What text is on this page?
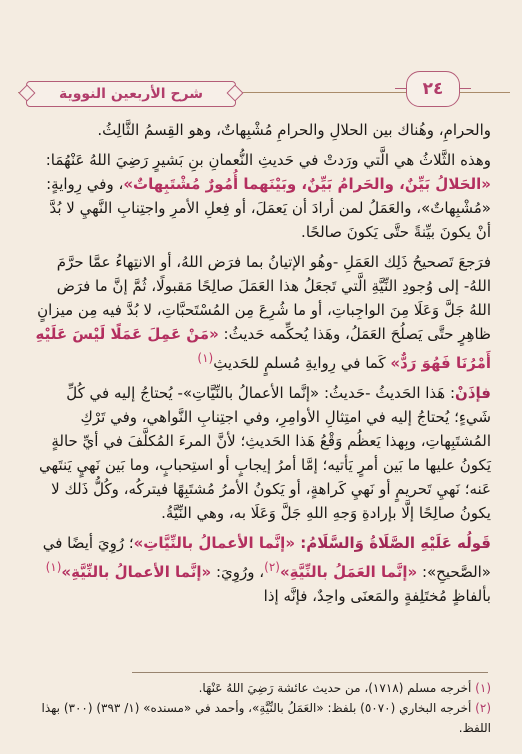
شرح الأربعين النووية	٢٤

والحرامِ، وهُناك بين الحلالِ والحرامِ مُشْبِهاتٌ، وهو القِسمُ الثَّالِثُ.

وهذه الثَّلاثُ هي الَّتي ورَدتْ في حَديثِ النُّعمانِ بنِ بَشيرٍ رَضِيَ اللهُ عَنْهُمَا: «الحَلالُ بَيِّنٌ، والحَرامُ بَيِّنٌ، وبَيْنَهما أُمُورٌ مُشْتَبِهاتٌ»، وفي رِوايةٍ: «مُشْبِهاتٌ»، والعَمَلُ لمن أرادَ أن يَعمَلَ، أو فِعلِ الأمرِ واجتِنابِ النَّهيِ لا بُدَّ أنْ يكونَ بيِّنةً حتَّى يَكونَ صالحًا.

فرَجعَ تَصحيحُ ذَلِك العَمَلِ -وهُو الإتيانُ بما فرَض اللهُ، أو الانتِهاءُ عمَّا حرَّمَ اللهُ- إلى وُجودِ النِّيَّةِ الَّتي تَجعَلُ هذا العَمَلَ صالِحًا مَقبولًا، ثُمَّ إنَّ ما فرَض اللهُ جَلَّ وَعَلَا مِنَ الواجِباتِ، أو ما شُرِعَ مِن المُسْتَحبَّاتِ، لا بُدَّ فيه مِن ميزانٍ ظاهِرٍ حتَّى يَصلُحَ العَمَلُ، وهَذا يُحكِّمه حَديثُ: «مَنْ عَمِلَ عَمَلًا لَيْسَ عَلَيْهِ أَمْرُنَا فَهُوَ رَدٌّ» كَما في رِوايةِ مُسلمٍ للحَديثِ$^{(١)}$

فإذَنْ: هَذا الحَديثُ -حَديثُ: «إنَّما الأعمالُ بالنِّيَّاتِ»- يُحتاجُ إليه في كُلِّ شَيءٍ؛ يُحتاجُ إليه في امتِثالِ الأوامِرِ، وفي اجتِنابِ النَّواهي، وفي تَرْكِ المُشتَبِهاتِ، وبِهذا يَعظُم وَقْعُ هَذا الحَديثِ؛ لأنَّ المرءَ المُكلَّفَ في أيِّ حالةٍ يَكونُ عليها ما بَين أمرٍ يَأتيه؛ إمَّا أمرُ إيجابٍ أو استِحبابٍ، وما بَين نَهيٍ يَنتَهي عَنه؛ نَهيِ تَحريمٍ أو نَهيِ كَراهةٍ، أو يَكونُ الأمرُ مُشتَبِهًا فيتركُه، وكُلُّ ذَلك لا يكونُ صالِحًا إلَّا بإرادةِ وَجهِ اللهِ جَلَّ وَعَلَا به، وهي النِّيَّةُ.

قَولُه عَلَيْهِ الصَّلَاةُ وَالسَّلَامُ: «إنَّما الأعمالُ بالنِّيَّاتِ»؛ رُوِيَ أيضًا في «الصَّحيحِ»: «إنَّما العَمَلُ بالنِّيَّةِ»$^{(٢)}$، ورُوِيَ: «إنَّما الأعمالُ بالنِّيَّةِ»$^{(١)}$ بألفاظٍ مُختَلِفةٍ والمَعنَى واحِدٌ، فإنَّه إذا

(١) أخرجه مسلم (١٧١٨)، من حديث عائشة رَضِيَ اللهُ عَنْهَا.
(٢) أخرجه البخاري (٥٠٧٠) بلفظ: «العَمَلُ بالنِّيَّةِ»، وأحمد في «مسنده» (١/ ٣٩٣) (٣٠٠) بهذا اللفظ.
